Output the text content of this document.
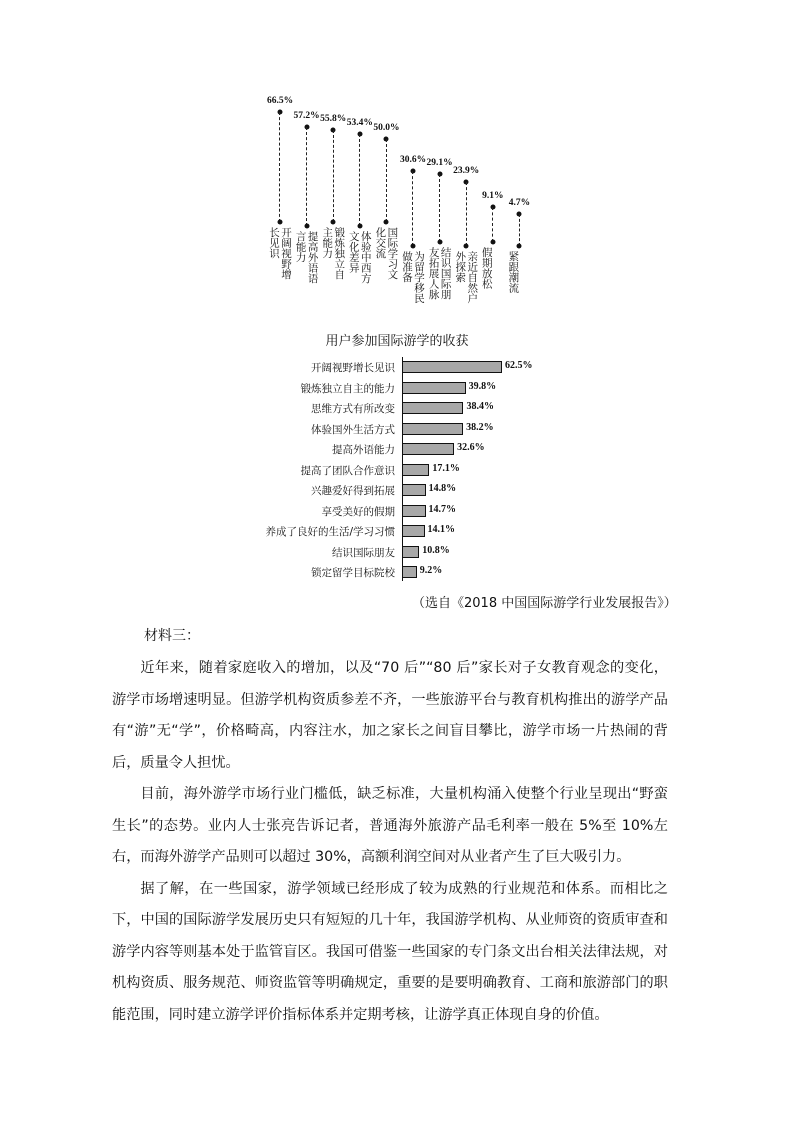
66.5%
开阔视野增长见识
57.2%
提高外语语言能力
55.8%
锻炼独立自主能力
53.4%
体验中西方文化差异
50.0%
国际学习文化交流
30.6%
为留学移民做准备
29.1%
结识国际朋友拓展人脉
23.9%
亲近自然户外探索
9.1%
假期放松
4.7%
紧跟潮流
用户参加国际游学的收获
开阔视野增长见识	62.5%
锻炼独立自主的能力	39.8%
思维方式有所改变	38.4%
体验国外生活方式	38.2%
提高外语能力	32.6%
提高了团队合作意识	17.1%
兴趣爱好得到拓展	14.8%
享受美好的假期	14.7%
养成了良好的生活/学习习惯	14.1%
结识国际朋友	10.8%
锁定留学目标院校 9.2%
（选自《2018 中国国际游学行业发展报告》）
材料三：

近年来，随着家庭收入的增加，以及“70 后”“80 后”家长对子女教育观念的变化，游学市场增速明显。但游学机构资质参差不齐，一些旅游平台与教育机构推出的游学产品有“游”无“学”，价格畸高，内容注水，加之家长之间盲目攀比，游学市场一片热闹的背后，质量令人担忧。

目前，海外游学市场行业门槛低，缺乏标准，大量机构涌入使整个行业呈现出“野蛮生长”的态势。业内人士张亮告诉记者，普通海外旅游产品毛利率一般在 5%至 10%左右，而海外游学产品则可以超过 30%，高额利润空间对从业者产生了巨大吸引力。

据了解，在一些国家，游学领域已经形成了较为成熟的行业规范和体系。而相比之下，中国的国际游学发展历史只有短短的几十年，我国游学机构、从业师资的资质审查和游学内容等则基本处于监管盲区。我国可借鉴一些国家的专门条文出台相关法律法规，对机构资质、服务规范、师资监管等明确规定，重要的是要明确教育、工商和旅游部门的职能范围，同时建立游学评价指标体系并定期考核，让游学真正体现自身的价值。
